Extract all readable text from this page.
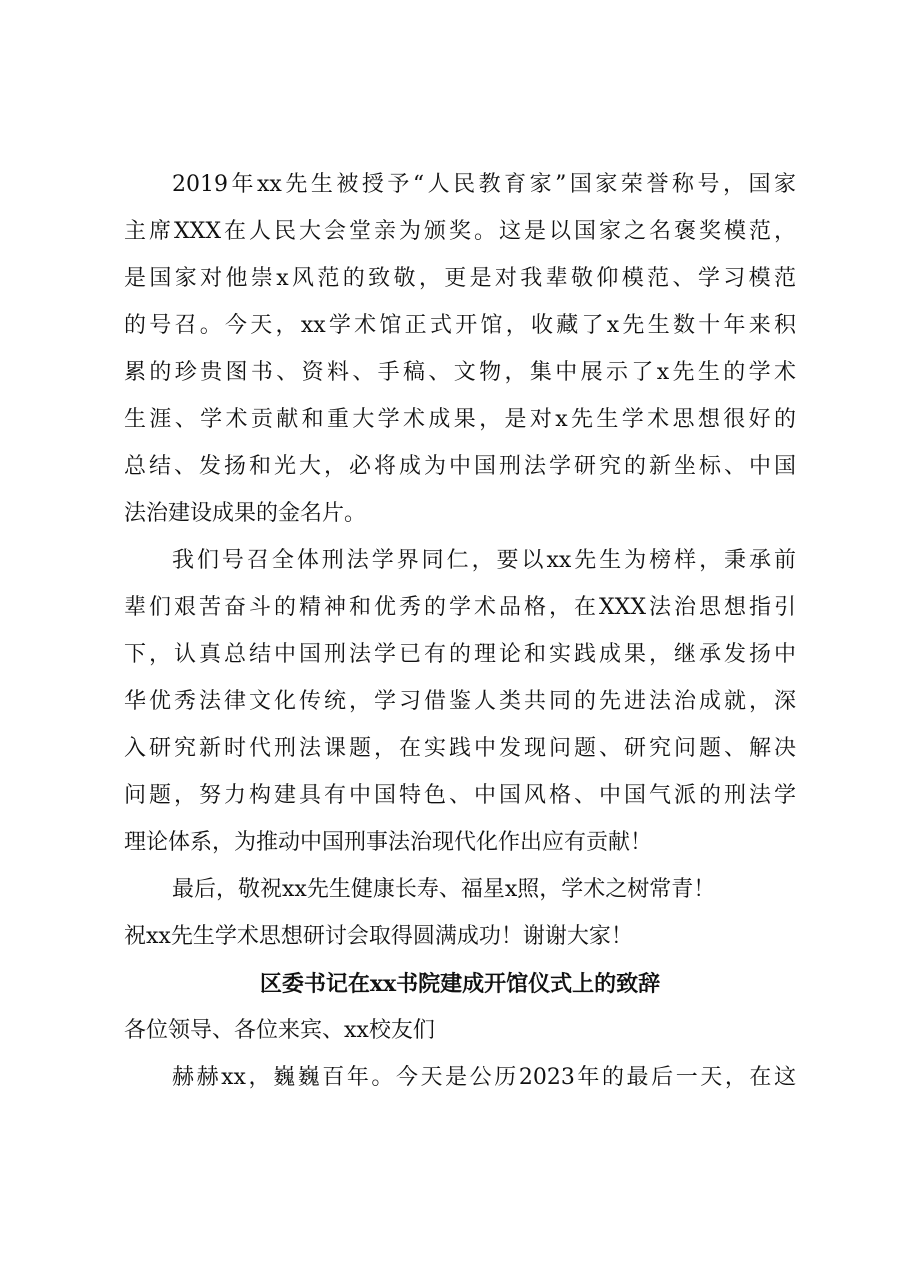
2019年xx先生被授予“人民教育家”国家荣誉称号，国家
主席XXX在人民大会堂亲为颁奖。这是以国家之名褒奖模范，
是国家对他崇x风范的致敬，更是对我辈敬仰模范、学习模范
的号召。今天，xx学术馆正式开馆，收藏了x先生数十年来积
累的珍贵图书、资料、手稿、文物，集中展示了x先生的学术
生涯、学术贡献和重大学术成果，是对x先生学术思想很好的
总结、发扬和光大，必将成为中国刑法学研究的新坐标、中国
法治建设成果的金名片。
我们号召全体刑法学界同仁，要以xx先生为榜样，秉承前
辈们艰苦奋斗的精神和优秀的学术品格，在XXX法治思想指引
下，认真总结中国刑法学已有的理论和实践成果，继承发扬中
华优秀法律文化传统，学习借鉴人类共同的先进法治成就，深
入研究新时代刑法课题，在实践中发现问题、研究问题、解决
问题，努力构建具有中国特色、中国风格、中国气派的刑法学
理论体系，为推动中国刑事法治现代化作出应有贡献！
最后，敬祝xx先生健康长寿、福星x照，学术之树常青！
祝xx先生学术思想研讨会取得圆满成功！谢谢大家！
区委书记在xx书院建成开馆仪式上的致辞
各位领导、各位来宾、xx校友们
赫赫xx，巍巍百年。今天是公历2023年的最后一天，在这
